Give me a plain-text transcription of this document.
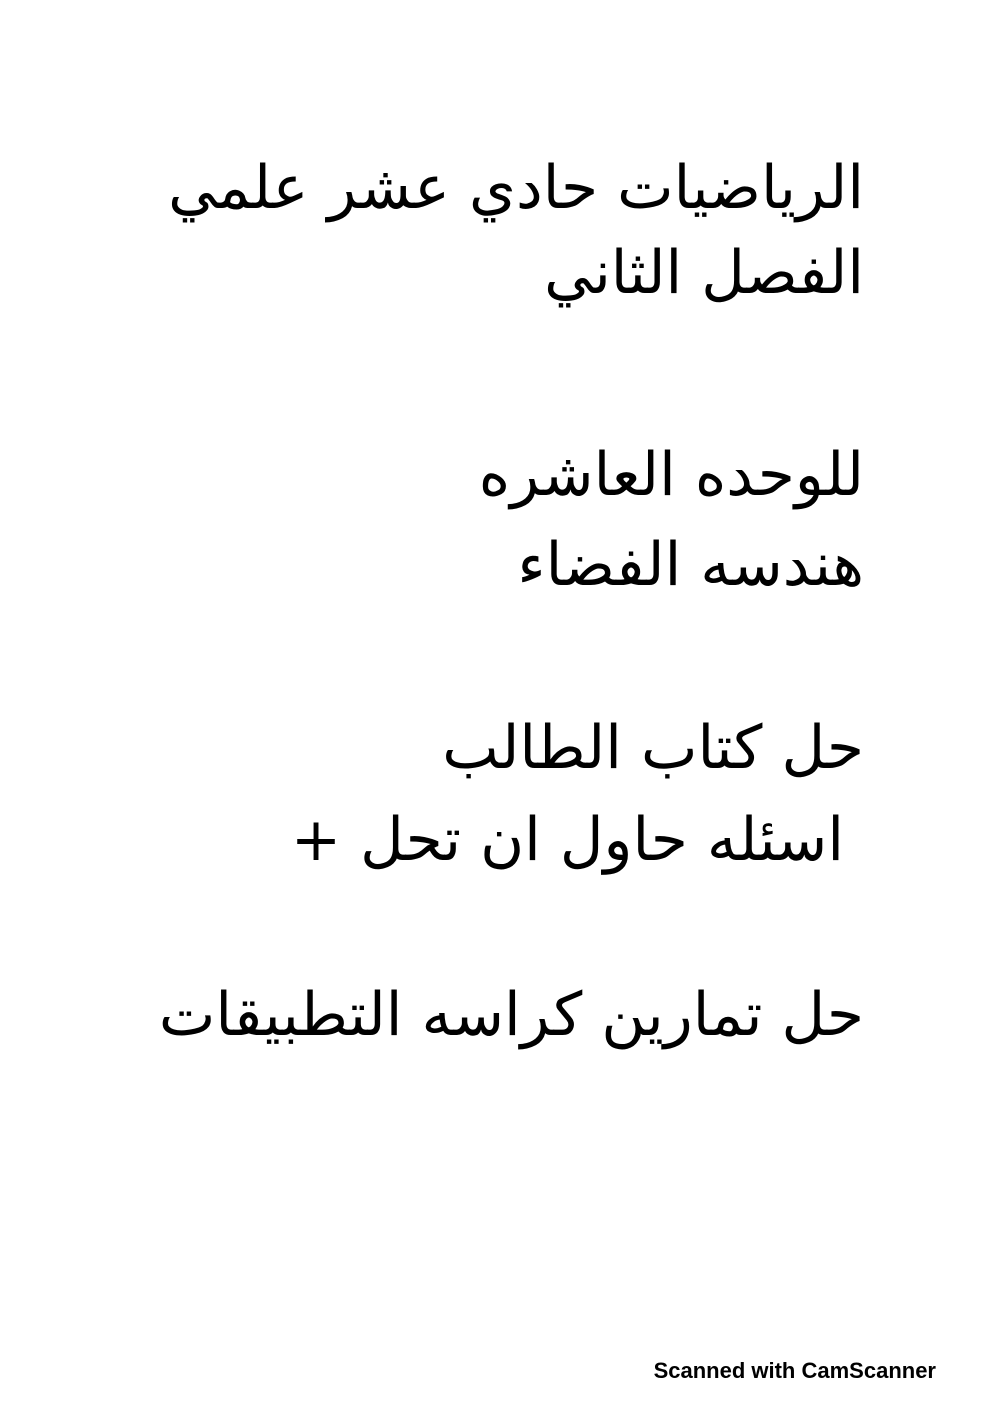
الرياضيات حادي عشر علمي
الفصل الثاني
للوحده العاشره
هندسه الفضاء
حل كتاب الطالب
اسئله حاول ان تحل +
حل تمارين كراسه التطبيقات
Scanned with CamScanner
